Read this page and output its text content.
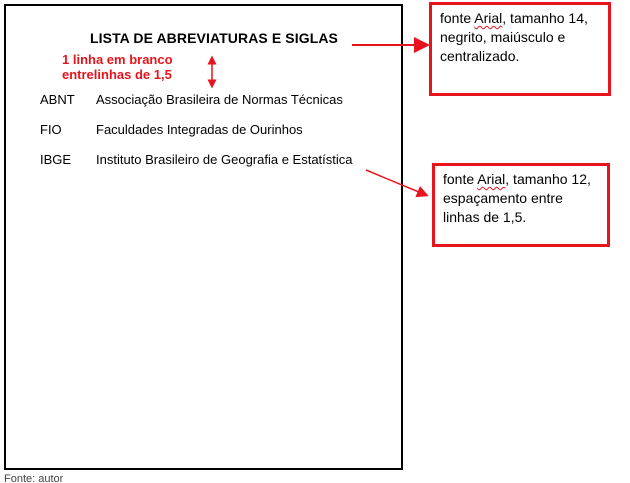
LISTA DE ABREVIATURAS E SIGLAS
1 linha em branco
entrelinhas de 1,5
ABNT Associação Brasileira de Normas Técnicas
FIO	Faculdades Integradas de Ourinhos
IBGE Instituto Brasileiro de Geografia e Estatística
fonte Arial, tamanho 14, negrito, maiúsculo e centralizado.
fonte Arial, tamanho 12, espaçamento entre linhas de 1,5.
Fonte: autor
